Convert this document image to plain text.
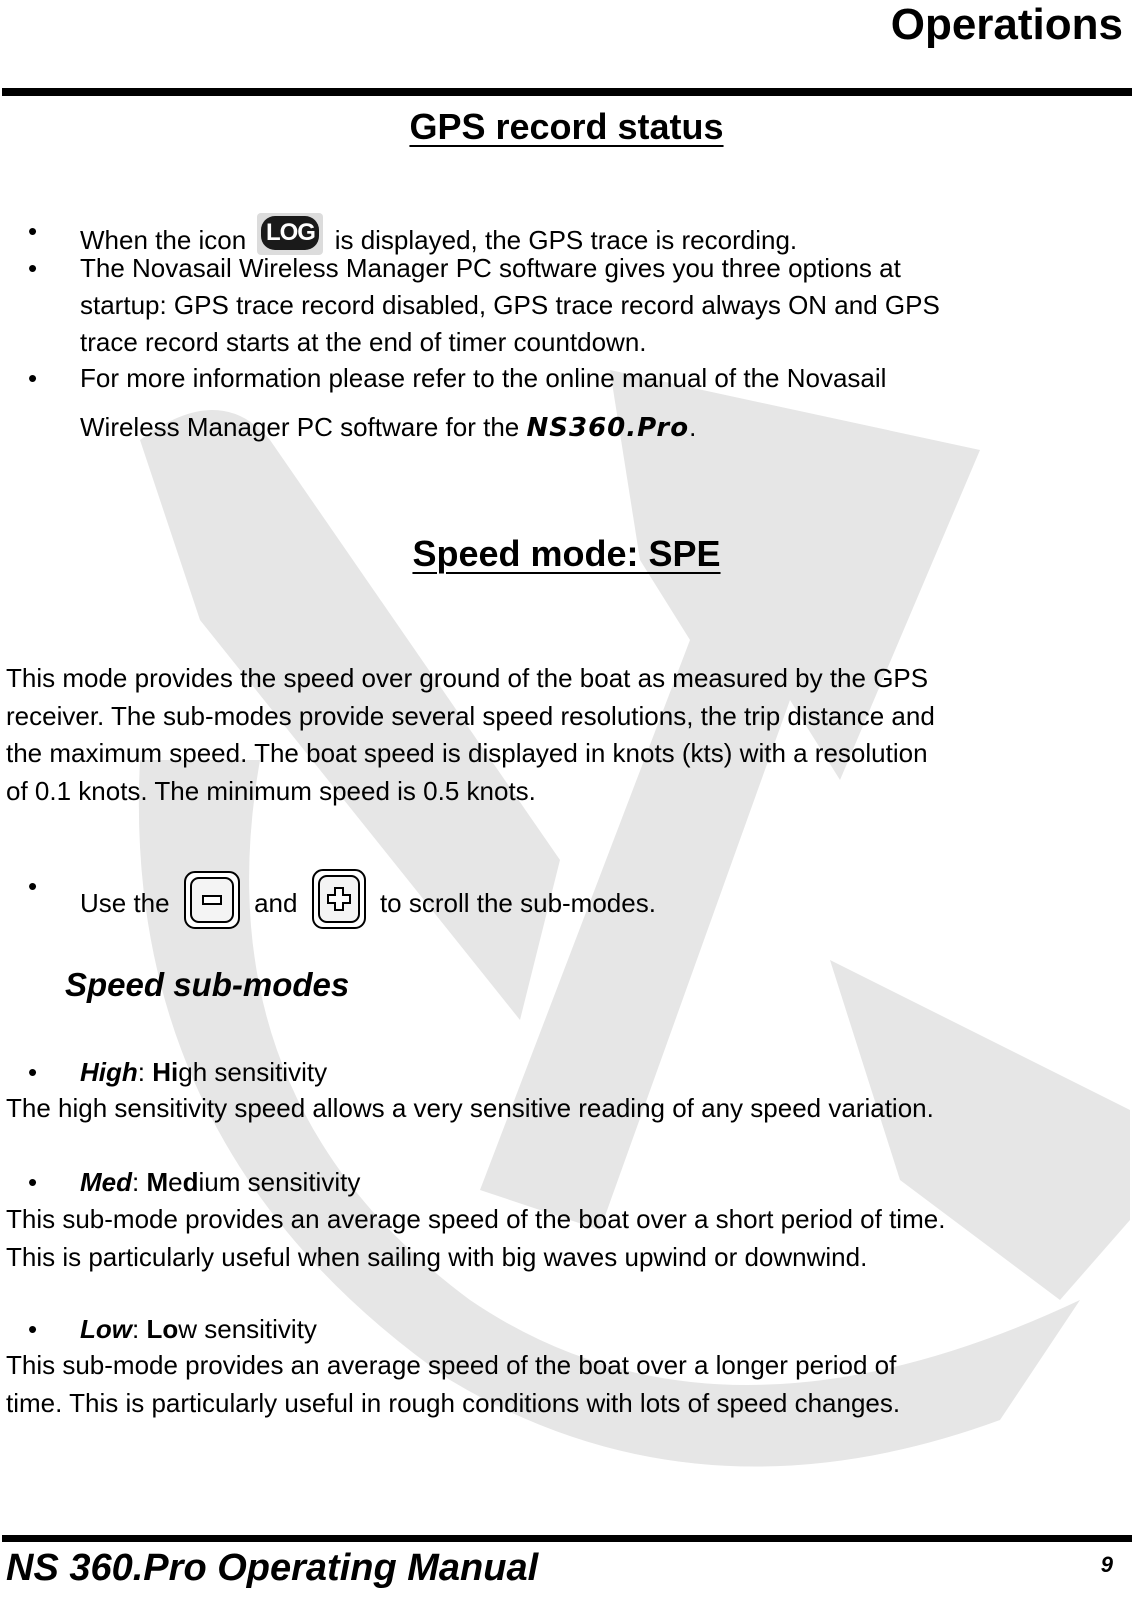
Operations
GPS record status
• When the icon LOG is displayed, the GPS trace is recording.
• The Novasail Wireless Manager PC software gives you three options at
startup: GPS trace record disabled, GPS trace record always ON and GPS
trace record starts at the end of timer countdown.
• For more information please refer to the online manual of the Novasail
Wireless Manager PC software for the NS360.Pro.
Speed mode: SPE
This mode provides the speed over ground of the boat as measured by the GPS
receiver. The sub-modes provide several speed resolutions, the trip distance and
the maximum speed. The boat speed is displayed in knots (kts) with a resolution
of 0.1 knots. The minimum speed is 0.5 knots.
•
Use the	and	to scroll the sub-modes.
Speed sub-modes
• High: High sensitivity
The high sensitivity speed allows a very sensitive reading of any speed variation.
• Med: Medium sensitivity
This sub-mode provides an average speed of the boat over a short period of time.
This is particularly useful when sailing with big waves upwind or downwind.
• Low: Low sensitivity
This sub-mode provides an average speed of the boat over a longer period of
time. This is particularly useful in rough conditions with lots of speed changes.
NS 360.Pro Operating Manual	9
